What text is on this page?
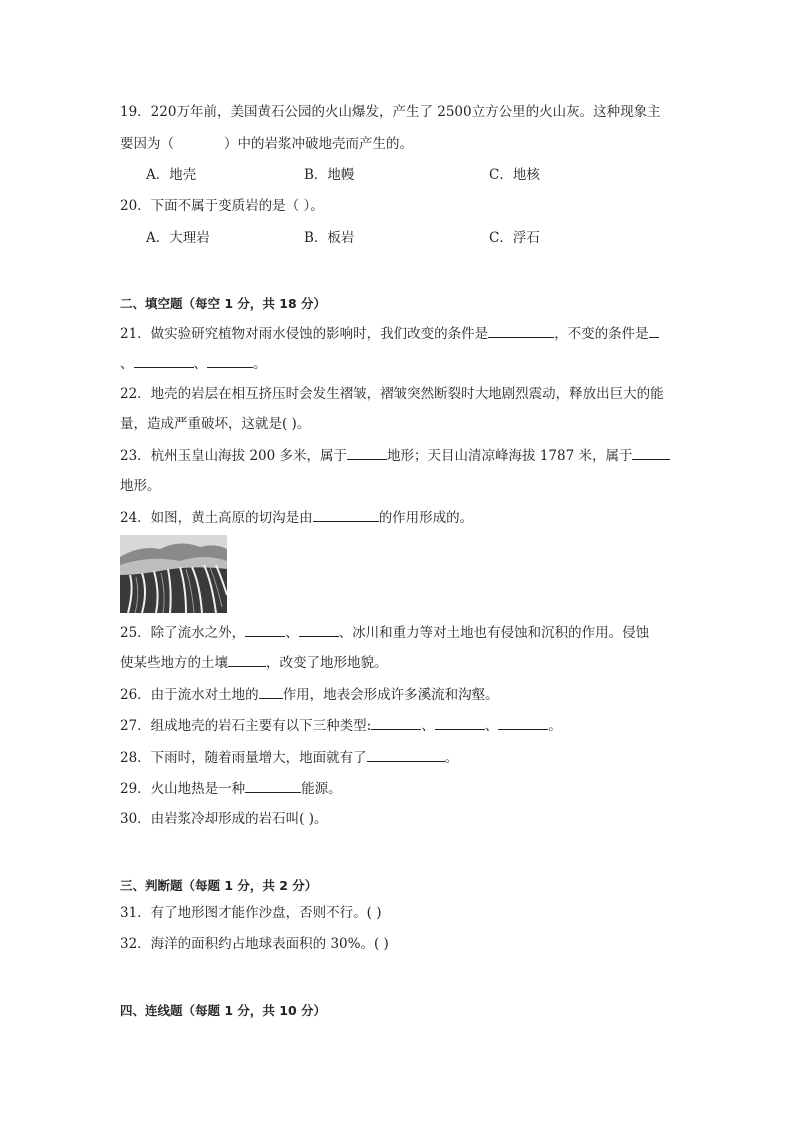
19．220万年前，美国黄石公园的火山爆发，产生了 2500立方公里的火山灰。这种现象主
要因为（	）中的岩浆冲破地壳而产生的。
A．地壳	B．地幔	C．地核
20．下面不属于变质岩的是（ ）。
A．大理岩	B．板岩	C．浮石
二、填空题（每空 1 分，共 18 分）
21．做实验研究植物对雨水侵蚀的影响时，我们改变的条件是	，不变的条件是
、	、	。
22．地壳的岩层在相互挤压时会发生褶皱，褶皱突然断裂时大地剧烈震动，释放出巨大的能
量，造成严重破坏，这就是( )。
23．杭州玉皇山海拔 200 多米，属于	地形；天目山清凉峰海拔 1787 米，属于
地形。
24．如图，黄土高原的切沟是由	的作用形成的。
25．除了流水之外，	、	、冰川和重力等对土地也有侵蚀和沉积的作用。侵蚀
使某些地方的土壤	，改变了地形地貌。
26．由于流水对土地的 作用，地表会形成许多溪流和沟壑。
27．组成地壳的岩石主要有以下三种类型:	、	、	。
28．下雨时，随着雨量增大，地面就有了	。
29．火山地热是一种	能源。
30．由岩浆冷却形成的岩石叫( )。
三、判断题（每题 1 分，共 2 分）
31．有了地形图才能作沙盘，否则不行。( )
32．海洋的面积约占地球表面积的 30%。( )
四、连线题（每题 1 分，共 10 分）
